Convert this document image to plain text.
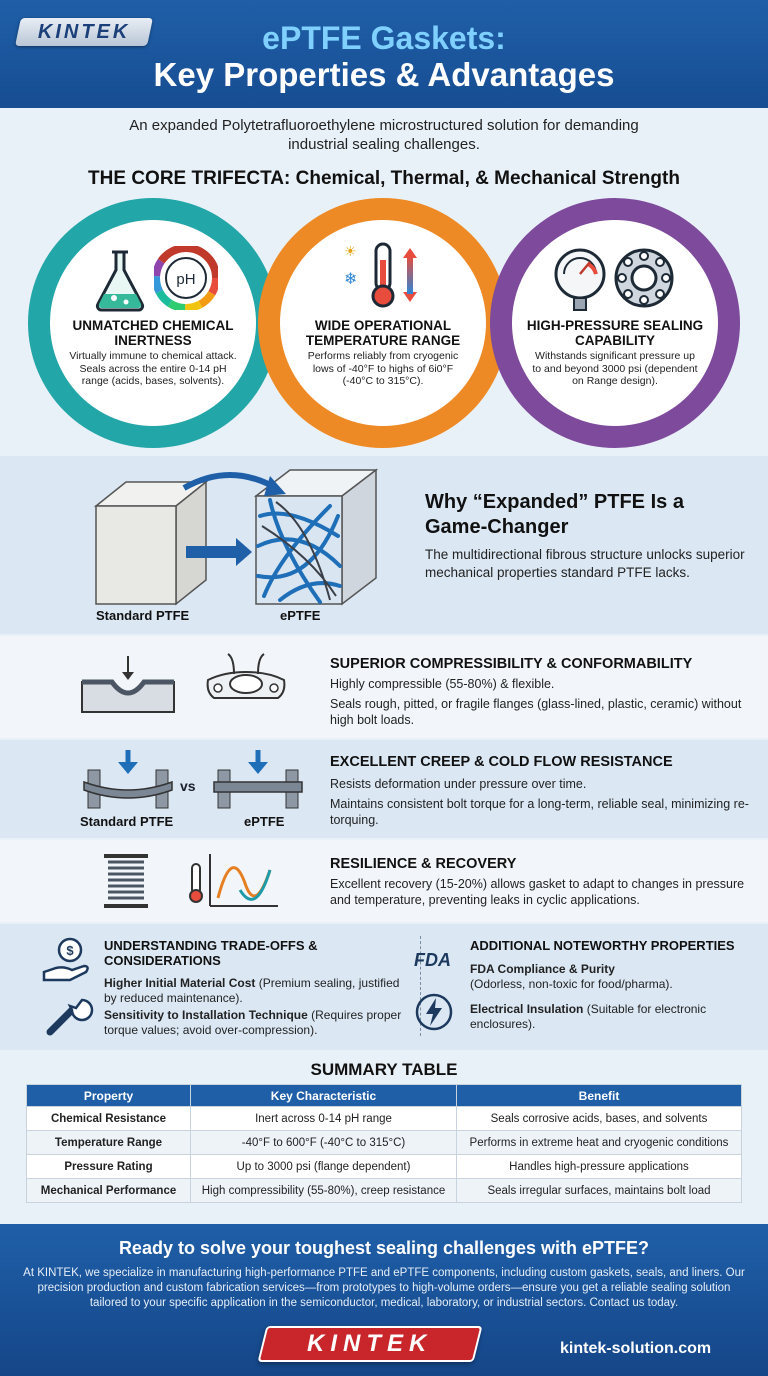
KINTEK	ePTFE Gaskets:
Key Properties & Advantages
An expanded Polytetrafluoroethylene microstructured solution for demanding industrial sealing challenges.
THE CORE TRIFECTA: Chemical, Thermal, & Mechanical Strength
pH
UNMATCHED CHEMICAL INERTNESS
Virtually immune to chemical attack. Seals across the entire 0-14 pH range (acids, bases, solvents).
☀
❄
WIDE OPERATIONAL TEMPERATURE RANGE
Performs reliably from cryogenic lows of -40°F to highs of 6i0°F (-40°C to 315°C).
HIGH-PRESSURE SEALING CAPABILITY
Withstands significant pressure up to and beyond 3000 psi (dependent on Range design).
Standard PTFE	ePTFE
Why “Expanded” PTFE Is a Game-Changer
The multidirectional fibrous structure unlocks superior mechanical properties standard PTFE lacks.
SUPERIOR COMPRESSIBILITY & CONFORMABILITY
Highly compressible (55-80%) & flexible.
Seals rough, pitted, or fragile flanges (glass-lined, plastic, ceramic) without high bolt loads.
vs
Standard PTFE	ePTFE
EXCELLENT CREEP & COLD FLOW RESISTANCE
Resists deformation under pressure over time.
Maintains consistent bolt torque for a long-term, reliable seal, minimizing re-torquing.
RESILIENCE & RECOVERY
Excellent recovery (15-20%) allows gasket to adapt to changes in pressure and temperature, preventing leaks in cyclic applications.
$ UNDERSTANDING TRADE-OFFS & CONSIDERATIONS
Higher Initial Material Cost (Premium sealing, justified by reduced maintenance).
Sensitivity to Installation Technique (Requires proper torque values; avoid over-compression).
FDA
ADDITIONAL NOTEWORTHY PROPERTIES
FDA Compliance & Purity
(Odorless, non-toxic for food/pharma).
Electrical Insulation (Suitable for electronic enclosures).
SUMMARY TABLE
Property	Key Characteristic	Benefit
Chemical Resistance	Inert across 0-14 pH range	Seals corrosive acids, bases, and solvents
Temperature Range	-40°F to 600°F (-40°C to 315°C)	Performs in extreme heat and cryogenic conditions
Pressure Rating	Up to 3000 psi (flange dependent)	Handles high-pressure applications
Mechanical Performance	High compressibility (55-80%), creep resistance	Seals irregular surfaces, maintains bolt load
Ready to solve your toughest sealing challenges with ePTFE?
At KINTEK, we specialize in manufacturing high-performance PTFE and ePTFE components, including custom gaskets, seals, and liners. Our precision production and custom fabrication services—from prototypes to high-volume orders—ensure you get a reliable sealing solution tailored to your specific application in the semiconductor, medical, laboratory, or industrial sectors. Contact us today.
KINTEK	kintek-solution.com
